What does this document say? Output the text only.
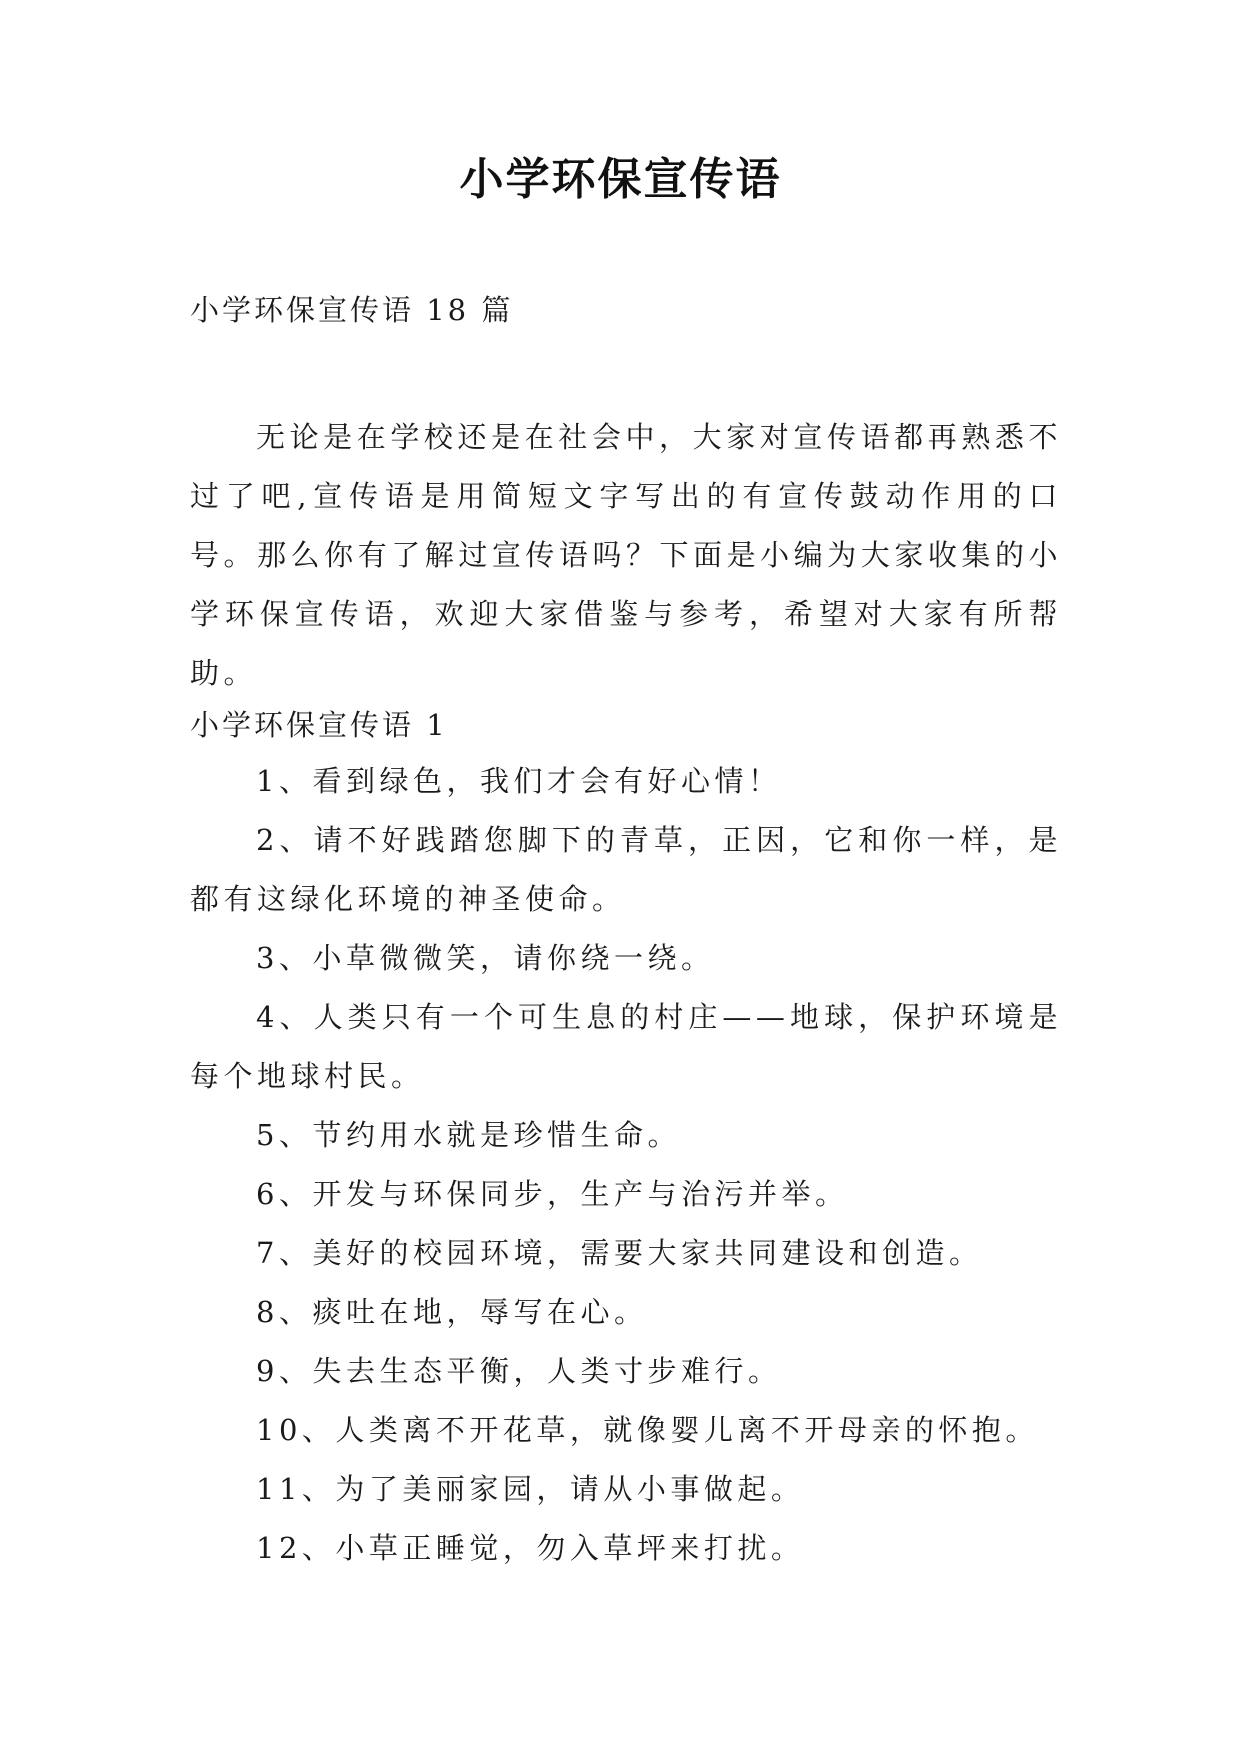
小学环保宣传语
小学环保宣传语 18 篇

无论是在学校还是在社会中，大家对宣传语都再熟悉不过了吧,宣传语是用简短文字写出的有宣传鼓动作用的口号。那么你有了解过宣传语吗？下面是小编为大家收集的小学环保宣传语，欢迎大家借鉴与参考，希望对大家有所帮助。

小学环保宣传语 1

1、看到绿色，我们才会有好心情！

2、请不好践踏您脚下的青草，正因，它和你一样，是都有这绿化环境的神圣使命。

3、小草微微笑，请你绕一绕。

4、人类只有一个可生息的村庄——地球，保护环境是每个地球村民。

5、节约用水就是珍惜生命。

6、开发与环保同步，生产与治污并举。

7、美好的校园环境，需要大家共同建设和创造。

8、痰吐在地，辱写在心。

9、失去生态平衡，人类寸步难行。

10、人类离不开花草，就像婴儿离不开母亲的怀抱。

11、为了美丽家园，请从小事做起。

12、小草正睡觉，勿入草坪来打扰。
